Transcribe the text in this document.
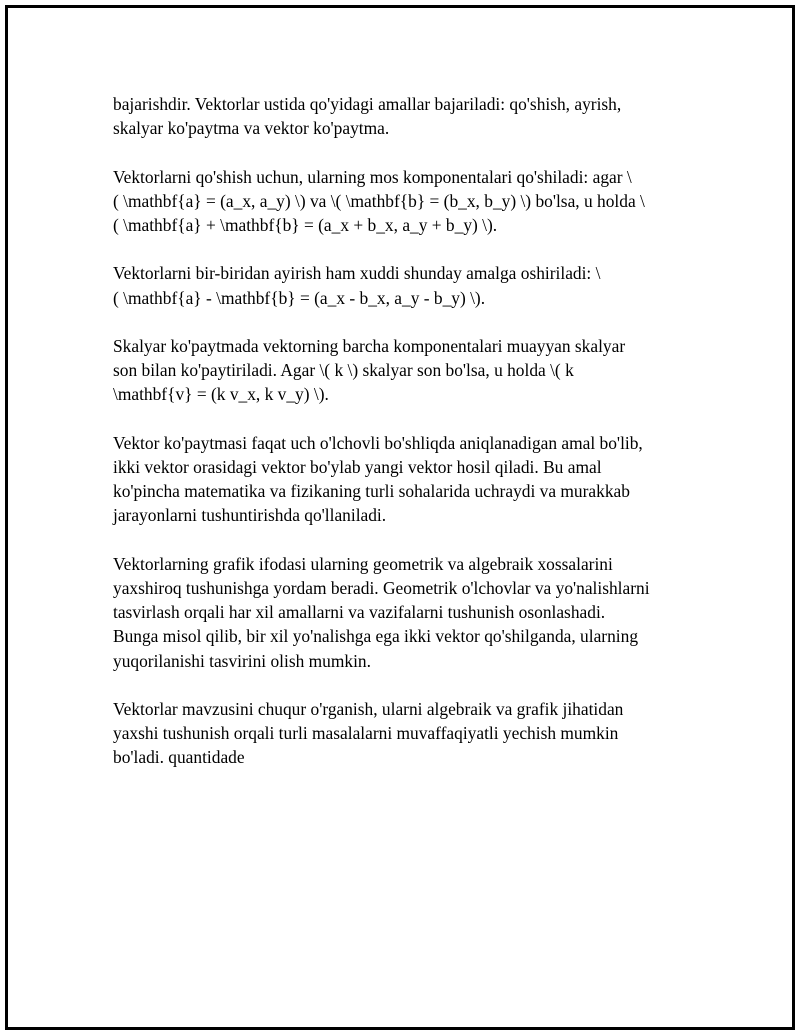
bajarishdir. Vektorlar ustida qo'yidagi amallar bajariladi: qo'shish, ayrish,
skalyar ko'paytma va vektor ko'paytma.

Vektorlarni qo'shish uchun, ularning mos komponentalari qo'shiladi: agar \
( \mathbf{a} = (a_x, a_y) \) va \( \mathbf{b} = (b_x, b_y) \) bo'lsa, u holda \
( \mathbf{a} + \mathbf{b} = (a_x + b_x, a_y + b_y) \).

Vektorlarni bir-biridan ayirish ham xuddi shunday amalga oshiriladi: \
( \mathbf{a} - \mathbf{b} = (a_x - b_x, a_y - b_y) \).

Skalyar ko'paytmada vektorning barcha komponentalari muayyan skalyar
son bilan ko'paytiriladi. Agar \( k \) skalyar son bo'lsa, u holda \( k
\mathbf{v} = (k v_x, k v_y) \).

Vektor ko'paytmasi faqat uch o'lchovli bo'shliqda aniqlanadigan amal bo'lib,
ikki vektor orasidagi vektor bo'ylab yangi vektor hosil qiladi. Bu amal
ko'pincha matematika va fizikaning turli sohalarida uchraydi va murakkab
jarayonlarni tushuntirishda qo'llaniladi.

Vektorlarning grafik ifodasi ularning geometrik va algebraik xossalarini
yaxshiroq tushunishga yordam beradi. Geometrik o'lchovlar va yo'nalishlarni
tasvirlash orqali har xil amallarni va vazifalarni tushunish osonlashadi.
Bunga misol qilib, bir xil yo'nalishga ega ikki vektor qo'shilganda, ularning
yuqorilanishi tasvirini olish mumkin.

Vektorlar mavzusini chuqur o'rganish, ularni algebraik va grafik jihatidan
yaxshi tushunish orqali turli masalalarni muvaffaqiyatli yechish mumkin
bo'ladi. quantidade
